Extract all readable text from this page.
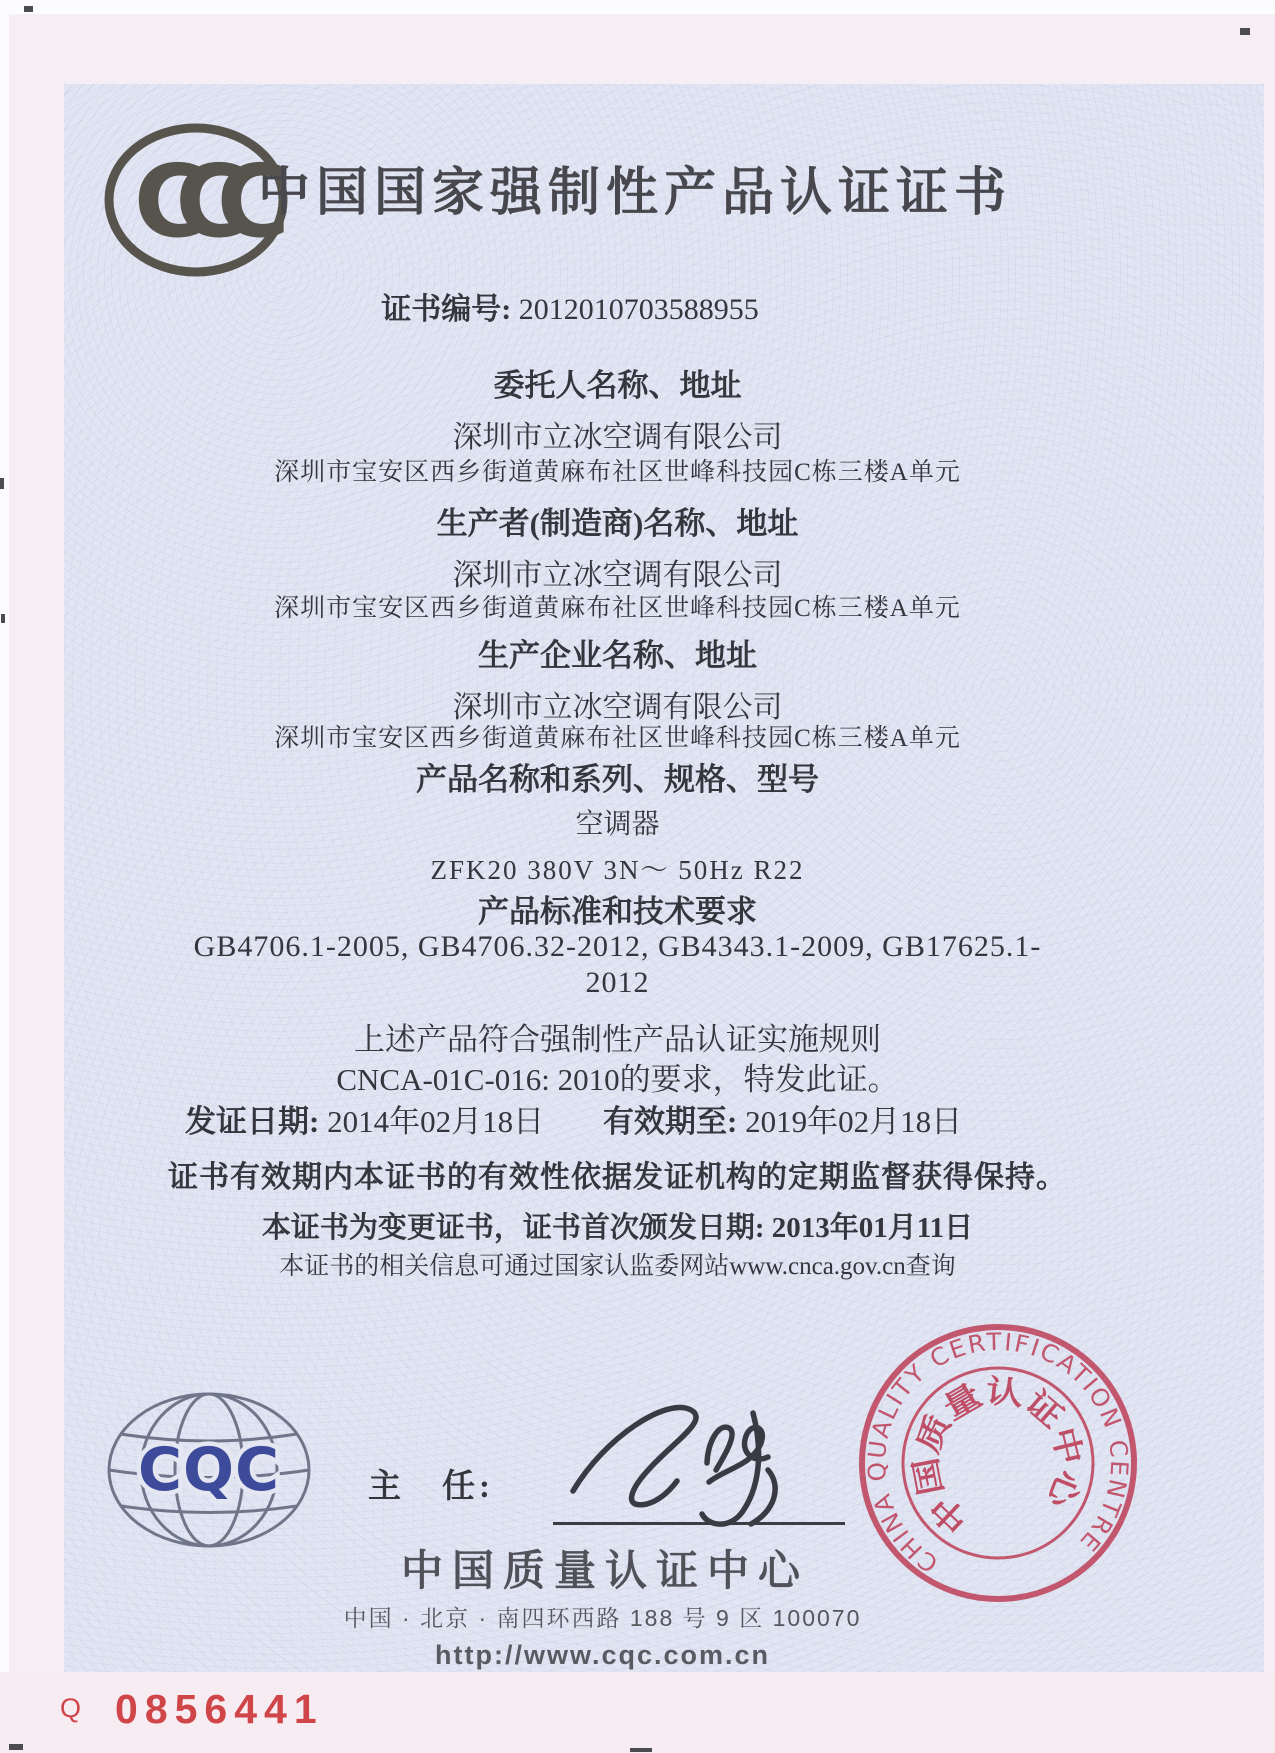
CCC 中国国家强制性产品认证证书
证书编号: 2012010703588955
委托人名称、地址
深圳市立冰空调有限公司
深圳市宝安区西乡街道黄麻布社区世峰科技园C栋三楼A单元
生产者(制造商)名称、地址
深圳市立冰空调有限公司
深圳市宝安区西乡街道黄麻布社区世峰科技园C栋三楼A单元
生产企业名称、地址
深圳市立冰空调有限公司
深圳市宝安区西乡街道黄麻布社区世峰科技园C栋三楼A单元
产品名称和系列、规格、型号
空调器
ZFK20 380V 3N～ 50Hz R22
产品标准和技术要求
GB4706.1-2005, GB4706.32-2012, GB4343.1-2009, GB17625.1-
2012
上述产品符合强制性产品认证实施规则
CNCA-01C-016: 2010的要求，特发此证。
发证日期: 2014年02月18日 有效期至: 2019年02月18日
证书有效期内本证书的有效性依据发证机构的定期监督获得保持。
本证书为变更证书，证书首次颁发日期: 2013年01月11日
本证书的相关信息可通过国家认监委网站www.cnca.gov.cn查询
CQC	主　任:
中国质量认证中心
中国 · 北京 · 南四环西路 188 号 9 区 100070
http://www.cqc.com.cn
CHINA QUALITY CERTIFICATION CENTRE
中国质量认证中心
Q 0856441
